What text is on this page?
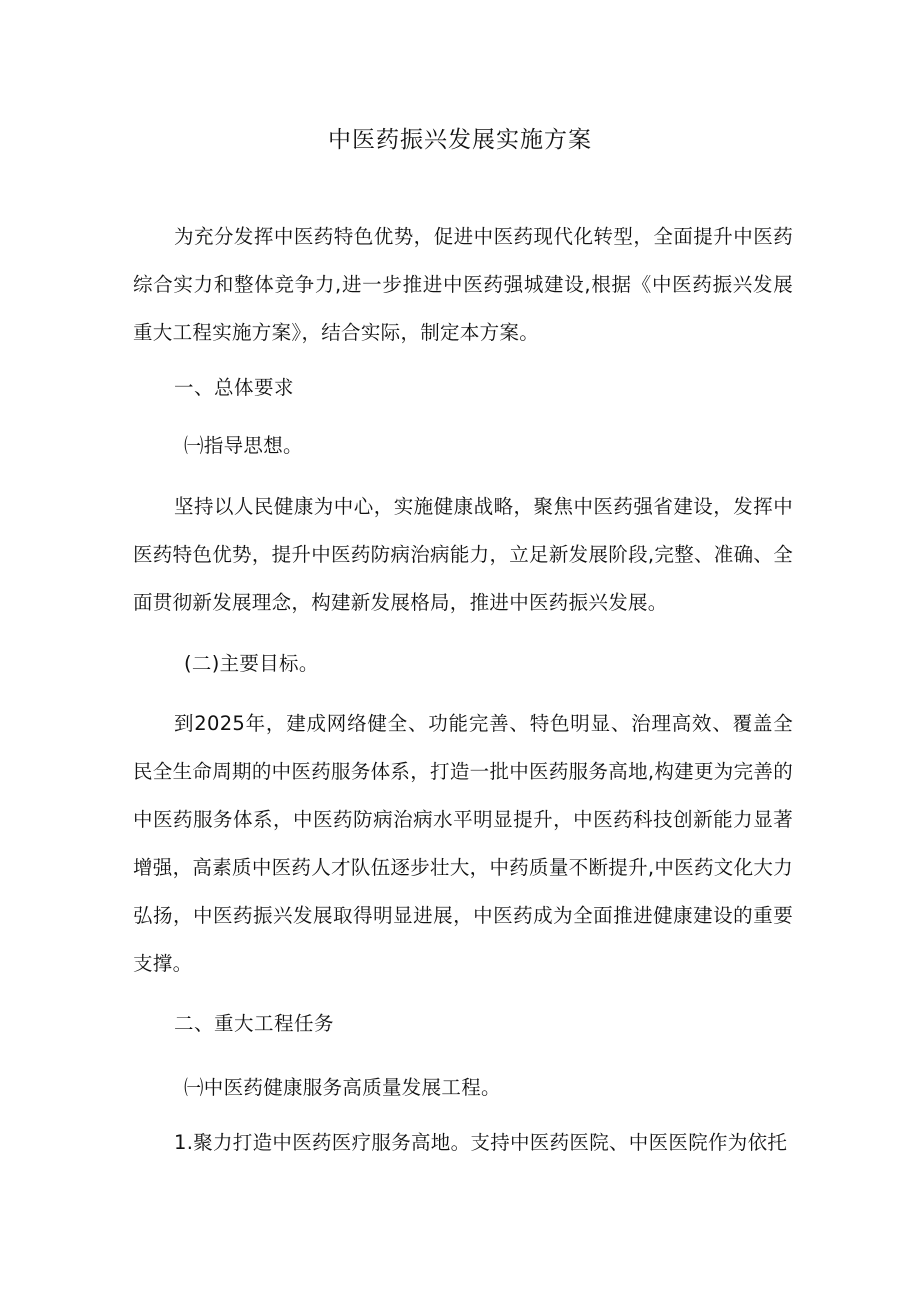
中医药振兴发展实施方案

为充分发挥中医药特色优势，促进中医药现代化转型，全面提升中医药综合实力和整体竞争力,进一步推进中医药强城建设,根据《中医药振兴发展重大工程实施方案》，结合实际，制定本方案。

一、总体要求

㈠指导思想。

坚持以人民健康为中心，实施健康战略，聚焦中医药强省建设，发挥中医药特色优势，提升中医药防病治病能力，立足新发展阶段,完整、准确、全面贯彻新发展理念，构建新发展格局，推进中医药振兴发展。

(二)主要目标。

到2025年，建成网络健全、功能完善、特色明显、治理高效、覆盖全民全生命周期的中医药服务体系，打造一批中医药服务高地,构建更为完善的中医药服务体系，中医药防病治病水平明显提升，中医药科技创新能力显著增强，高素质中医药人才队伍逐步壮大，中药质量不断提升,中医药文化大力弘扬，中医药振兴发展取得明显进展，中医药成为全面推进健康建设的重要支撑。

二、重大工程任务

㈠中医药健康服务高质量发展工程。

1.聚力打造中医药医疗服务高地。支持中医药医院、中医医院作为依托
